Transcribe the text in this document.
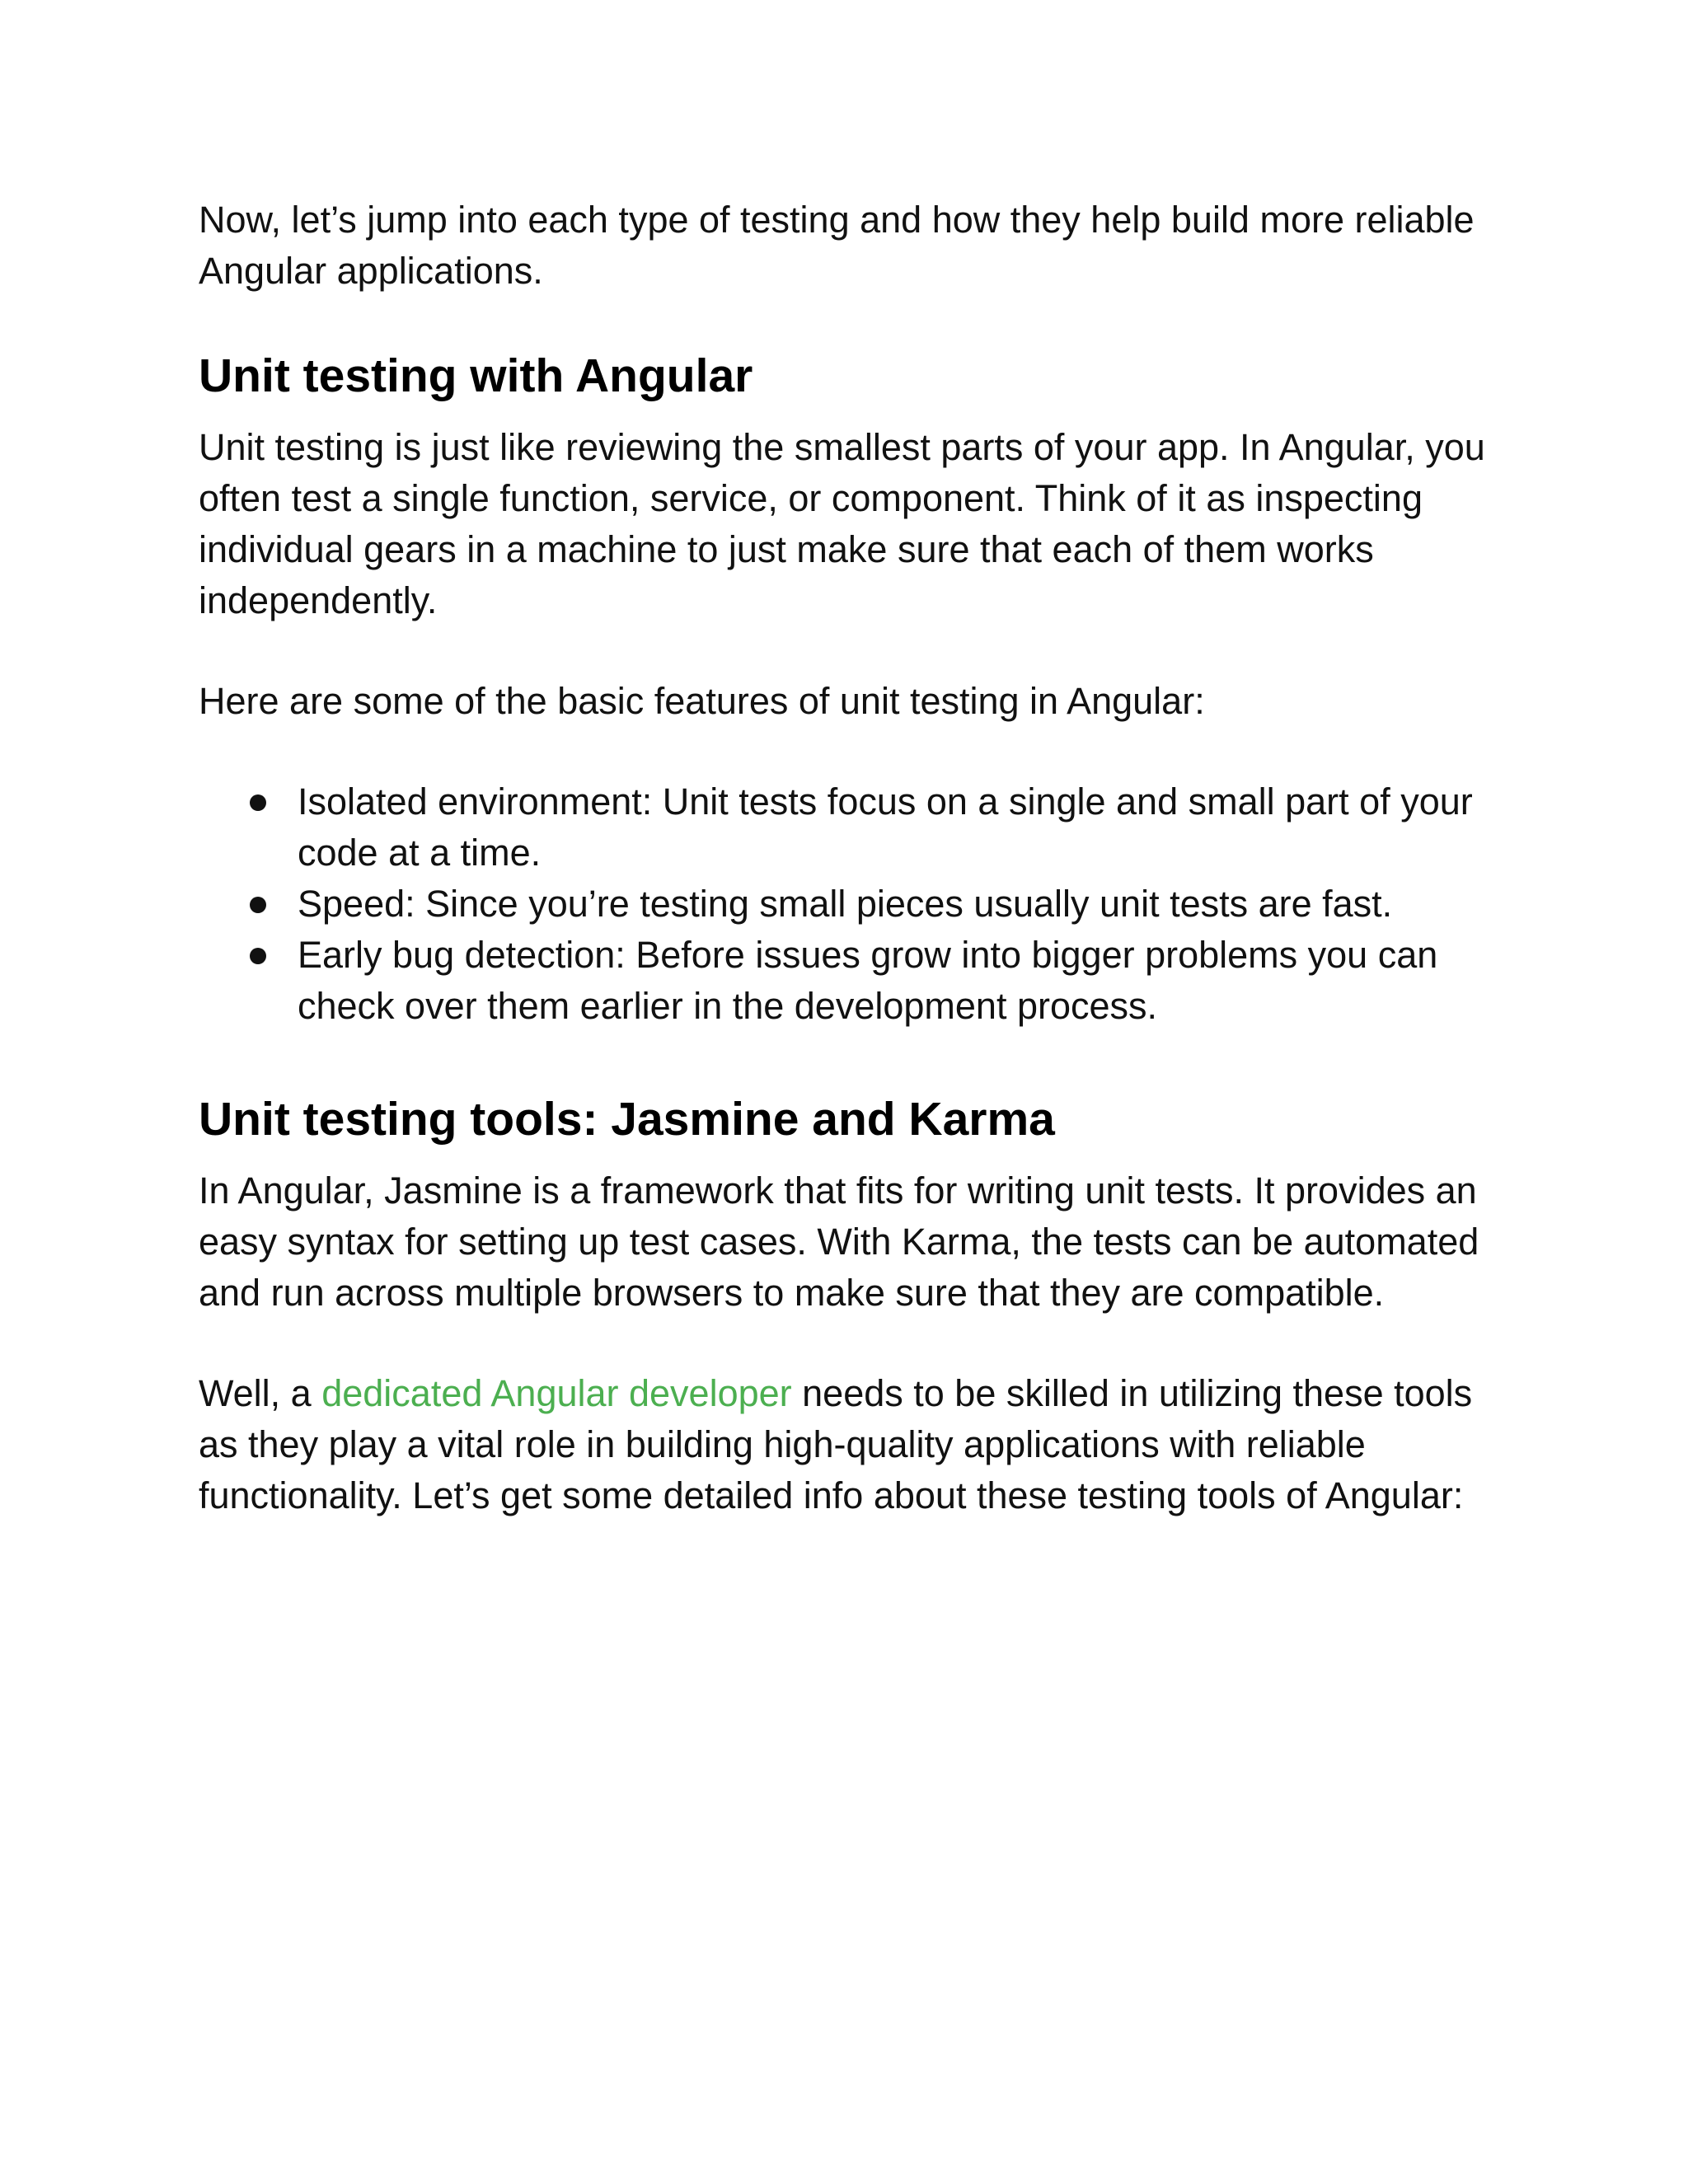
Now, let’s jump into each type of testing and how they help build more reliable Angular applications.

Unit testing with Angular

Unit testing is just like reviewing the smallest parts of your app. In Angular, you often test a single function, service, or component. Think of it as inspecting individual gears in a machine to just make sure that each of them works independently.

Here are some of the basic features of unit testing in Angular:

Isolated environment: Unit tests focus on a single and small part of your code at a time.
Speed: Since you’re testing small pieces usually unit tests are fast.
Early bug detection: Before issues grow into bigger problems you can check over them earlier in the development process.
Unit testing tools: Jasmine and Karma

In Angular, Jasmine is a framework that fits for writing unit tests. It provides an easy syntax for setting up test cases. With Karma, the tests can be automated and run across multiple browsers to make sure that they are compatible.

Well, a dedicated Angular developer needs to be skilled in utilizing these tools as they play a vital role in building high-quality applications with reliable functionality. Let’s get some detailed info about these testing tools of Angular:
